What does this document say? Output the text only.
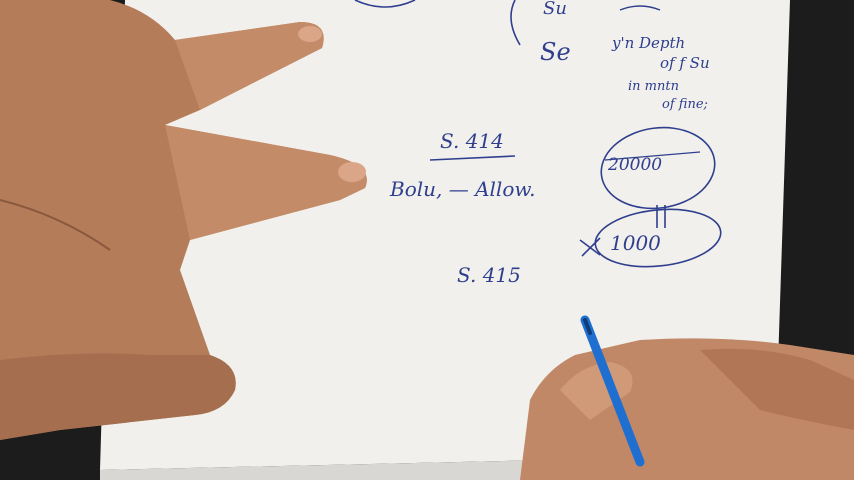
Su
Se	y'n Depth
of f Su
in mntn
of fine;
S. 414
Bolu, — Allow.
20000
1000
S. 415
